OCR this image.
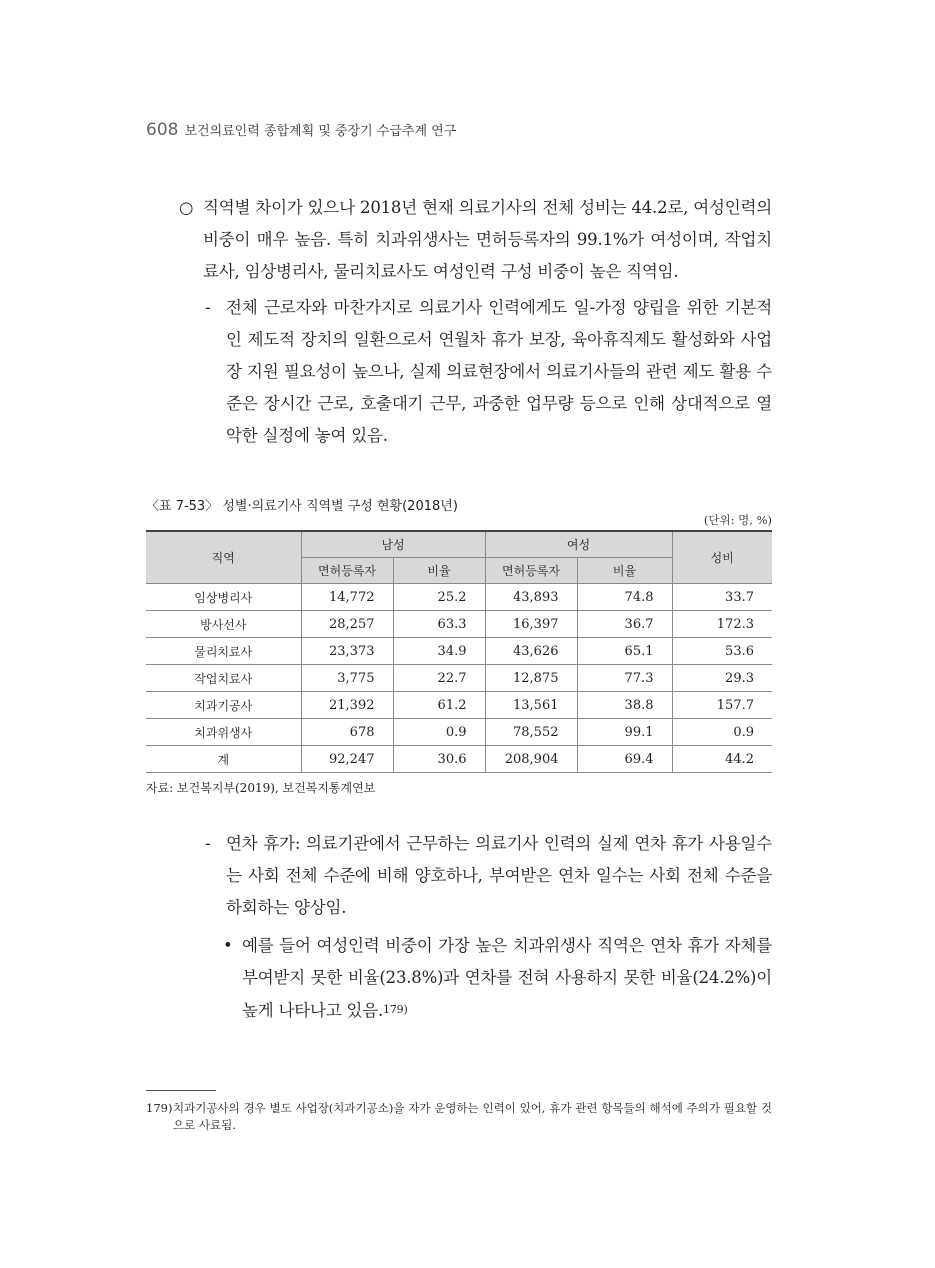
608 보건의료인력 종합계획 및 중장기 수급추계 연구

○ 직역별 차이가 있으나 2018년 현재 의료기사의 전체 성비는 44.2로, 여성인력의 비중이 매우 높음. 특히 치과위생사는 면허등록자의 99.1%가 여성이며, 작업치료사, 임상병리사, 물리치료사도 여성인력 구성 비중이 높은 직역임.

- 전체 근로자와 마찬가지로 의료기사 인력에게도 일-가정 양립을 위한 기본적인 제도적 장치의 일환으로서 연월차 휴가 보장, 육아휴직제도 활성화와 사업장 지원 필요성이 높으나, 실제 의료현장에서 의료기사들의 관련 제도 활용 수준은 장시간 근로, 호출대기 근무, 과중한 업무량 등으로 인해 상대적으로 열악한 실정에 놓여 있음.

〈표 7-53〉 성별·의료기사 직역별 구성 현황(2018년)
(단위: 명, %)
직역	남성		여성		성비
	면허등록자	비율	면허등록자	비율	
임상병리사	14,772	25.2	43,893	74.8	33.7
방사선사	28,257	63.3	16,397	36.7	172.3
물리치료사	23,373	34.9	43,626	65.1	53.6
작업치료사	3,775	22.7	12,875	77.3	29.3
치과기공사	21,392	61.2	13,561	38.8	157.7
치과위생사	678	0.9	78,552	99.1	0.9
계	92,247	30.6	208,904	69.4	44.2
자료: 보건복지부(2019), 보건복지통계연보

- 연차 휴가: 의료기관에서 근무하는 의료기사 인력의 실제 연차 휴가 사용일수는 사회 전체 수준에 비해 양호하나, 부여받은 연차 일수는 사회 전체 수준을 하회하는 양상임.

• 예를 들어 여성인력 비중이 가장 높은 치과위생사 직역은 연차 휴가 자체를 부여받지 못한 비율(23.8%)과 연차를 전혀 사용하지 못한 비율(24.2%)이 높게 나타나고 있음.$^{179)}$

179) 치과기공사의 경우 별도 사업장(치과기공소)을 자가 운영하는 인력이 있어, 휴가 관련 항목들의 해석에 주의가 필요할 것으로 사료됨.
